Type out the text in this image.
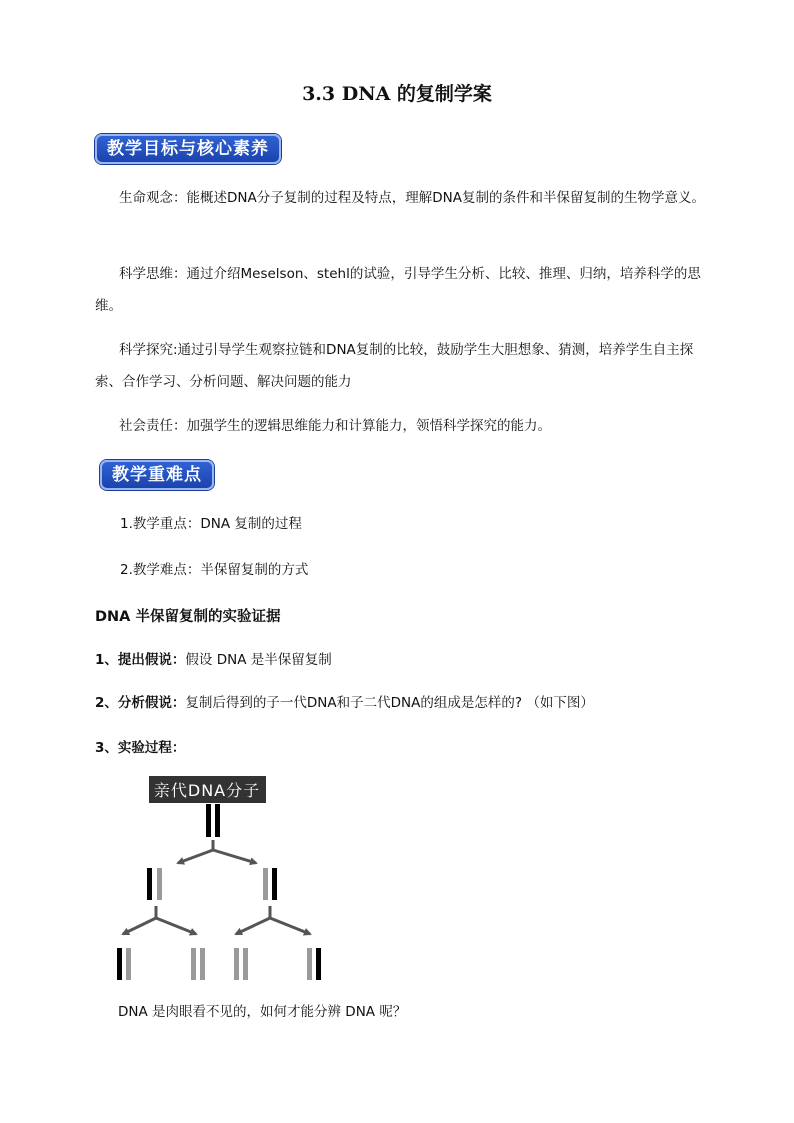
3.3 DNA 的复制学案
教学目标与核心素养
生命观念：能概述DNA分子复制的过程及特点，理解DNA复制的条件和半保留复制的生物学意义。
科学思维：通过介绍Meselson、stehl的试验，引导学生分析、比较、推理、归纳，培养科学的思维。
科学探究:通过引导学生观察拉链和DNA复制的比较，鼓励学生大胆想象、猜测，培养学生自主探索、合作学习、分析问题、解决问题的能力
社会责任：加强学生的逻辑思维能力和计算能力，领悟科学探究的能力。
教学重难点
1.教学重点：DNA 复制的过程
2.教学难点：半保留复制的方式
DNA 半保留复制的实验证据
1、提出假说：假设 DNA 是半保留复制
2、分析假说：复制后得到的子一代DNA和子二代DNA的组成是怎样的? （如下图）
3、实验过程：
亲代DNA分子
DNA 是肉眼看不见的，如何才能分辨 DNA 呢？
